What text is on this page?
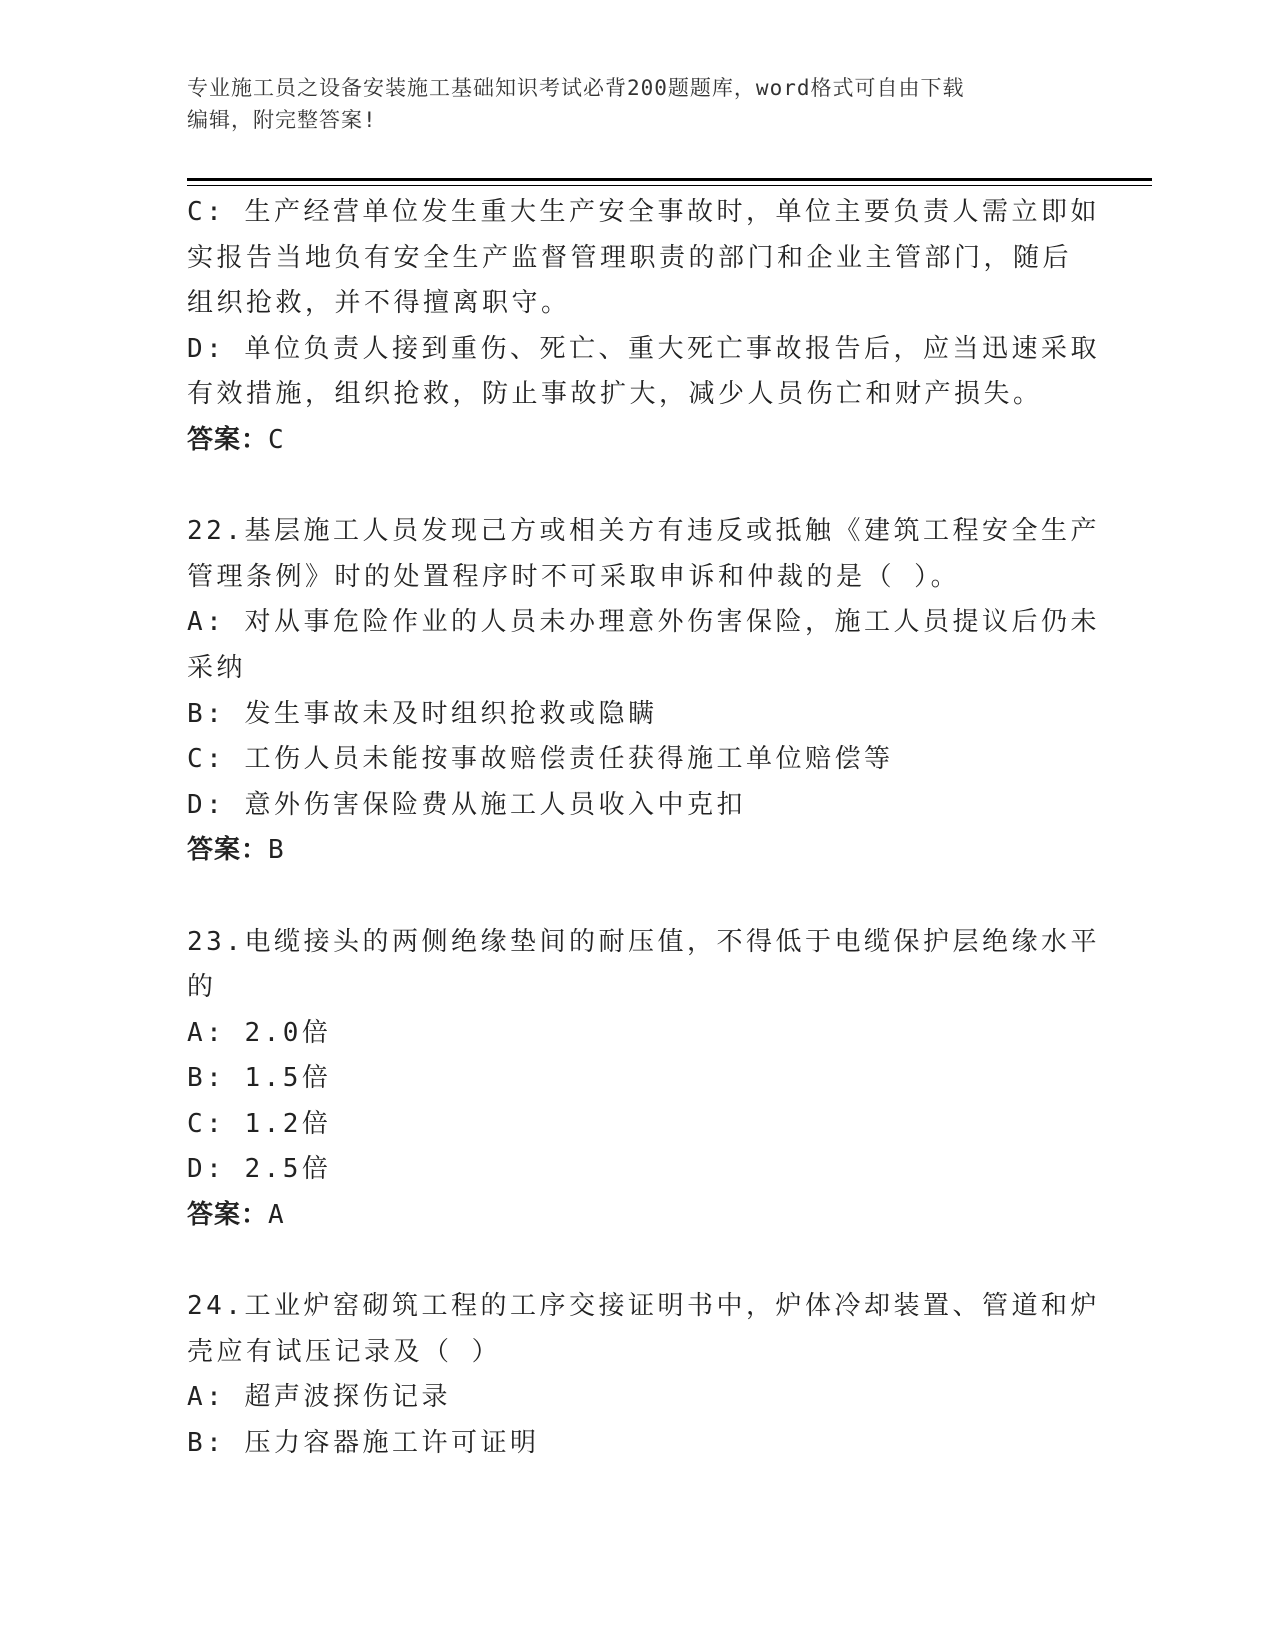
专业施工员之设备安装施工基础知识考试必背200题题库，word格式可自由下载
编辑，附完整答案!
C: 生产经营单位发生重大生产安全事故时，单位主要负责人需立即如
实报告当地负有安全生产监督管理职责的部门和企业主管部门，随后
组织抢救，并不得擅离职守。
D: 单位负责人接到重伤、死亡、重大死亡事故报告后，应当迅速采取
有效措施，组织抢救，防止事故扩大，减少人员伤亡和财产损失。
答案：C
22.基层施工人员发现己方或相关方有违反或抵触《建筑工程安全生产
管理条例》时的处置程序时不可采取申诉和仲裁的是（ ）。
A: 对从事危险作业的人员未办理意外伤害保险，施工人员提议后仍未
采纳
B: 发生事故未及时组织抢救或隐瞒
C: 工伤人员未能按事故赔偿责任获得施工单位赔偿等
D: 意外伤害保险费从施工人员收入中克扣
答案：B
23.电缆接头的两侧绝缘垫间的耐压值，不得低于电缆保护层绝缘水平
的
A: 2.0倍
B: 1.5倍
C: 1.2倍
D: 2.5倍
答案：A
24.工业炉窑砌筑工程的工序交接证明书中，炉体冷却装置、管道和炉
壳应有试压记录及（ ）
A: 超声波探伤记录
B: 压力容器施工许可证明
